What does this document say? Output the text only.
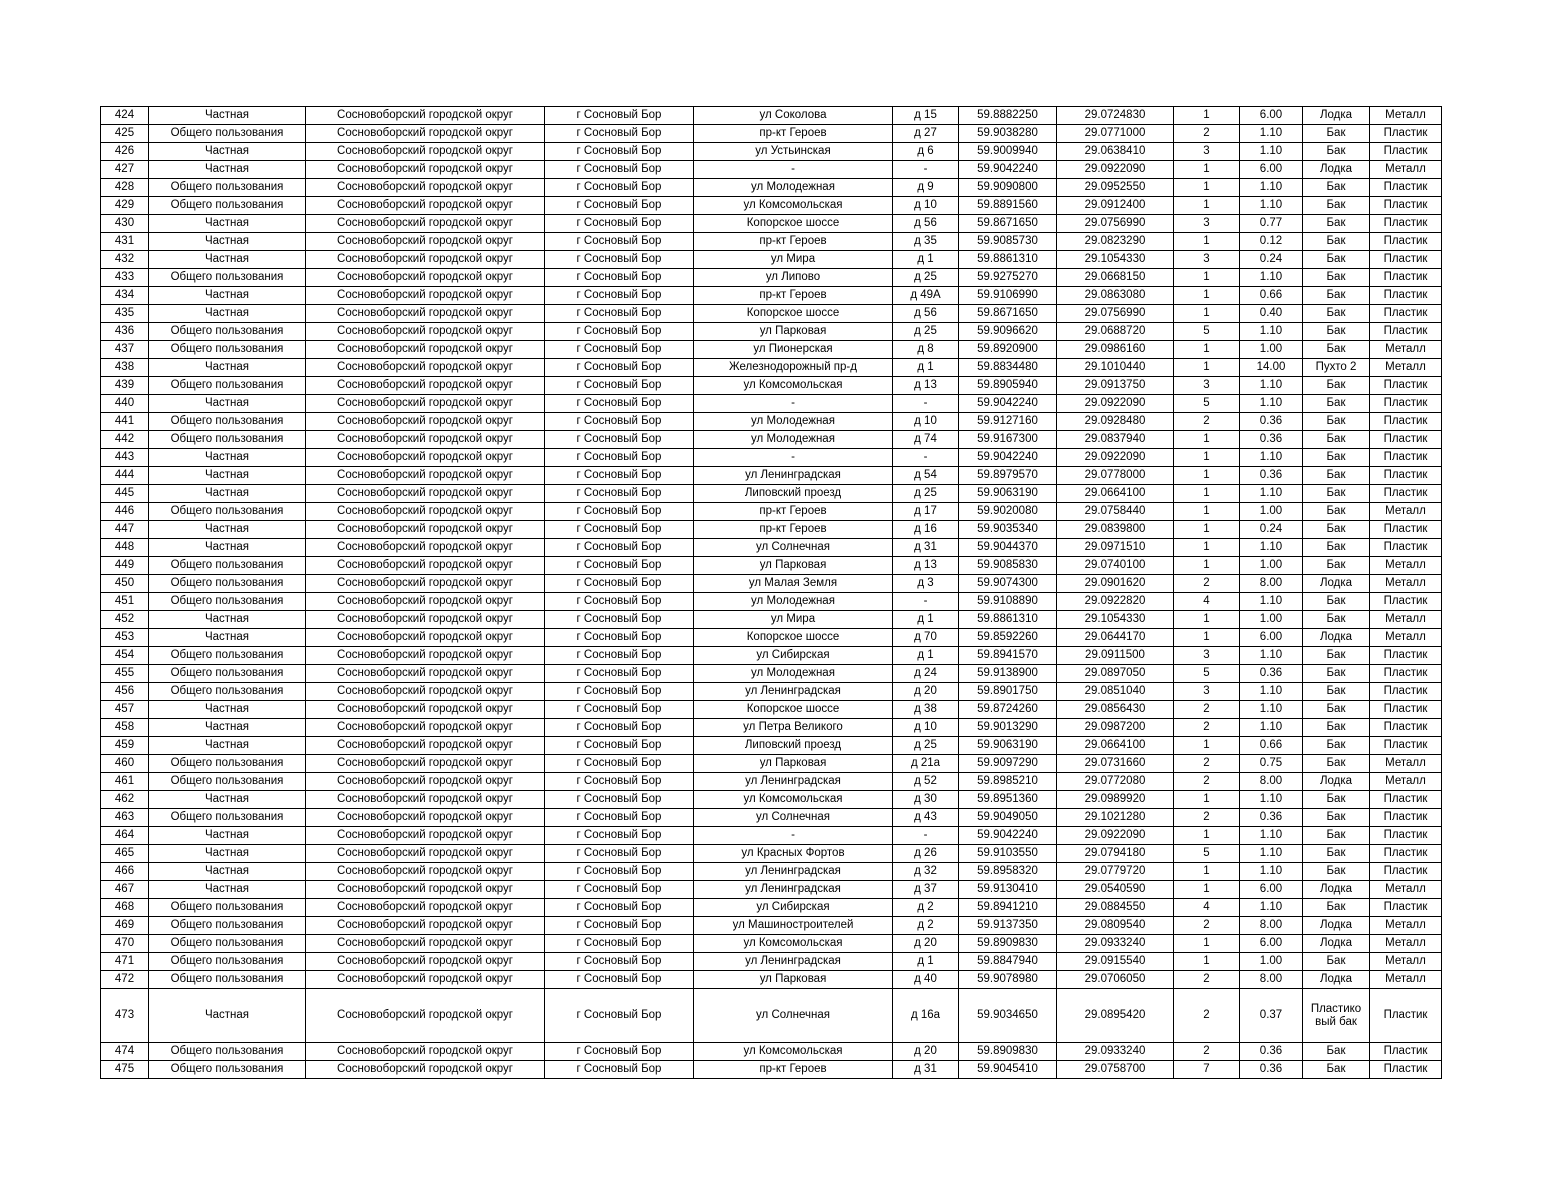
424	Частная	Сосновоборский городской округ	г Сосновый Бор	ул Соколова	д 15	59.8882250	29.0724830	1	6.00	Лодка	Металл
425	Общего пользования	Сосновоборский городской округ	г Сосновый Бор	пр-кт Героев	д 27	59.9038280	29.0771000	2	1.10	Бак	Пластик
426	Частная	Сосновоборский городской округ	г Сосновый Бор	ул Устьинская	д 6	59.9009940	29.0638410	3	1.10	Бак	Пластик
427	Частная	Сосновоборский городской округ	г Сосновый Бор	-	-	59.9042240	29.0922090	1	6.00	Лодка	Металл
428	Общего пользования	Сосновоборский городской округ	г Сосновый Бор	ул Молодежная	д 9	59.9090800	29.0952550	1	1.10	Бак	Пластик
429	Общего пользования	Сосновоборский городской округ	г Сосновый Бор	ул Комсомольская	д 10	59.8891560	29.0912400	1	1.10	Бак	Пластик
430	Частная	Сосновоборский городской округ	г Сосновый Бор	Копорское шоссе	д 56	59.8671650	29.0756990	3	0.77	Бак	Пластик
431	Частная	Сосновоборский городской округ	г Сосновый Бор	пр-кт Героев	д 35	59.9085730	29.0823290	1	0.12	Бак	Пластик
432	Частная	Сосновоборский городской округ	г Сосновый Бор	ул Мира	д 1	59.8861310	29.1054330	3	0.24	Бак	Пластик
433	Общего пользования	Сосновоборский городской округ	г Сосновый Бор	ул Липово	д 25	59.9275270	29.0668150	1	1.10	Бак	Пластик
434	Частная	Сосновоборский городской округ	г Сосновый Бор	пр-кт Героев	д 49А	59.9106990	29.0863080	1	0.66	Бак	Пластик
435	Частная	Сосновоборский городской округ	г Сосновый Бор	Копорское шоссе	д 56	59.8671650	29.0756990	1	0.40	Бак	Пластик
436	Общего пользования	Сосновоборский городской округ	г Сосновый Бор	ул Парковая	д 25	59.9096620	29.0688720	5	1.10	Бак	Пластик
437	Общего пользования	Сосновоборский городской округ	г Сосновый Бор	ул Пионерская	д 8	59.8920900	29.0986160	1	1.00	Бак	Металл
438	Частная	Сосновоборский городской округ	г Сосновый Бор	Железнодорожный пр-д	д 1	59.8834480	29.1010440	1	14.00	Пухто 2	Металл
439	Общего пользования	Сосновоборский городской округ	г Сосновый Бор	ул Комсомольская	д 13	59.8905940	29.0913750	3	1.10	Бак	Пластик
440	Частная	Сосновоборский городской округ	г Сосновый Бор	-	-	59.9042240	29.0922090	5	1.10	Бак	Пластик
441	Общего пользования	Сосновоборский городской округ	г Сосновый Бор	ул Молодежная	д 10	59.9127160	29.0928480	2	0.36	Бак	Пластик
442	Общего пользования	Сосновоборский городской округ	г Сосновый Бор	ул Молодежная	д 74	59.9167300	29.0837940	1	0.36	Бак	Пластик
443	Частная	Сосновоборский городской округ	г Сосновый Бор	-	-	59.9042240	29.0922090	1	1.10	Бак	Пластик
444	Частная	Сосновоборский городской округ	г Сосновый Бор	ул Ленинградская	д 54	59.8979570	29.0778000	1	0.36	Бак	Пластик
445	Частная	Сосновоборский городской округ	г Сосновый Бор	Липовский проезд	д 25	59.9063190	29.0664100	1	1.10	Бак	Пластик
446	Общего пользования	Сосновоборский городской округ	г Сосновый Бор	пр-кт Героев	д 17	59.9020080	29.0758440	1	1.00	Бак	Металл
447	Частная	Сосновоборский городской округ	г Сосновый Бор	пр-кт Героев	д 16	59.9035340	29.0839800	1	0.24	Бак	Пластик
448	Частная	Сосновоборский городской округ	г Сосновый Бор	ул Солнечная	д 31	59.9044370	29.0971510	1	1.10	Бак	Пластик
449	Общего пользования	Сосновоборский городской округ	г Сосновый Бор	ул Парковая	д 13	59.9085830	29.0740100	1	1.00	Бак	Металл
450	Общего пользования	Сосновоборский городской округ	г Сосновый Бор	ул Малая Земля	д 3	59.9074300	29.0901620	2	8.00	Лодка	Металл
451	Общего пользования	Сосновоборский городской округ	г Сосновый Бор	ул Молодежная	-	59.9108890	29.0922820	4	1.10	Бак	Пластик
452	Частная	Сосновоборский городской округ	г Сосновый Бор	ул Мира	д 1	59.8861310	29.1054330	1	1.00	Бак	Металл
453	Частная	Сосновоборский городской округ	г Сосновый Бор	Копорское шоссе	д 70	59.8592260	29.0644170	1	6.00	Лодка	Металл
454	Общего пользования	Сосновоборский городской округ	г Сосновый Бор	ул Сибирская	д 1	59.8941570	29.0911500	3	1.10	Бак	Пластик
455	Общего пользования	Сосновоборский городской округ	г Сосновый Бор	ул Молодежная	д 24	59.9138900	29.0897050	5	0.36	Бак	Пластик
456	Общего пользования	Сосновоборский городской округ	г Сосновый Бор	ул Ленинградская	д 20	59.8901750	29.0851040	3	1.10	Бак	Пластик
457	Частная	Сосновоборский городской округ	г Сосновый Бор	Копорское шоссе	д 38	59.8724260	29.0856430	2	1.10	Бак	Пластик
458	Частная	Сосновоборский городской округ	г Сосновый Бор	ул Петра Великого	д 10	59.9013290	29.0987200	2	1.10	Бак	Пластик
459	Частная	Сосновоборский городской округ	г Сосновый Бор	Липовский проезд	д 25	59.9063190	29.0664100	1	0.66	Бак	Пластик
460	Общего пользования	Сосновоборский городской округ	г Сосновый Бор	ул Парковая	д 21а	59.9097290	29.0731660	2	0.75	Бак	Металл
461	Общего пользования	Сосновоборский городской округ	г Сосновый Бор	ул Ленинградская	д 52	59.8985210	29.0772080	2	8.00	Лодка	Металл
462	Частная	Сосновоборский городской округ	г Сосновый Бор	ул Комсомольская	д 30	59.8951360	29.0989920	1	1.10	Бак	Пластик
463	Общего пользования	Сосновоборский городской округ	г Сосновый Бор	ул Солнечная	д 43	59.9049050	29.1021280	2	0.36	Бак	Пластик
464	Частная	Сосновоборский городской округ	г Сосновый Бор	-	-	59.9042240	29.0922090	1	1.10	Бак	Пластик
465	Частная	Сосновоборский городской округ	г Сосновый Бор	ул Красных Фортов	д 26	59.9103550	29.0794180	5	1.10	Бак	Пластик
466	Частная	Сосновоборский городской округ	г Сосновый Бор	ул Ленинградская	д 32	59.8958320	29.0779720	1	1.10	Бак	Пластик
467	Частная	Сосновоборский городской округ	г Сосновый Бор	ул Ленинградская	д 37	59.9130410	29.0540590	1	6.00	Лодка	Металл
468	Общего пользования	Сосновоборский городской округ	г Сосновый Бор	ул Сибирская	д 2	59.8941210	29.0884550	4	1.10	Бак	Пластик
469	Общего пользования	Сосновоборский городской округ	г Сосновый Бор	ул Машиностроителей	д 2	59.9137350	29.0809540	2	8.00	Лодка	Металл
470	Общего пользования	Сосновоборский городской округ	г Сосновый Бор	ул Комсомольская	д 20	59.8909830	29.0933240	1	6.00	Лодка	Металл
471	Общего пользования	Сосновоборский городской округ	г Сосновый Бор	ул Ленинградская	д 1	59.8847940	29.0915540	1	1.00	Бак	Металл
472	Общего пользования	Сосновоборский городской округ	г Сосновый Бор	ул Парковая	д 40	59.9078980	29.0706050	2	8.00	Лодка	Металл
473	Частная	Сосновоборский городской округ	г Сосновый Бор	ул Солнечная	д 16а	59.9034650	29.0895420	2	0.37	Пластико вый бак	Пластик
474	Общего пользования	Сосновоборский городской округ	г Сосновый Бор	ул Комсомольская	д 20	59.8909830	29.0933240	2	0.36	Бак	Пластик
475	Общего пользования	Сосновоборский городской округ	г Сосновый Бор	пр-кт Героев	д 31	59.9045410	29.0758700	7	0.36	Бак	Пластик
